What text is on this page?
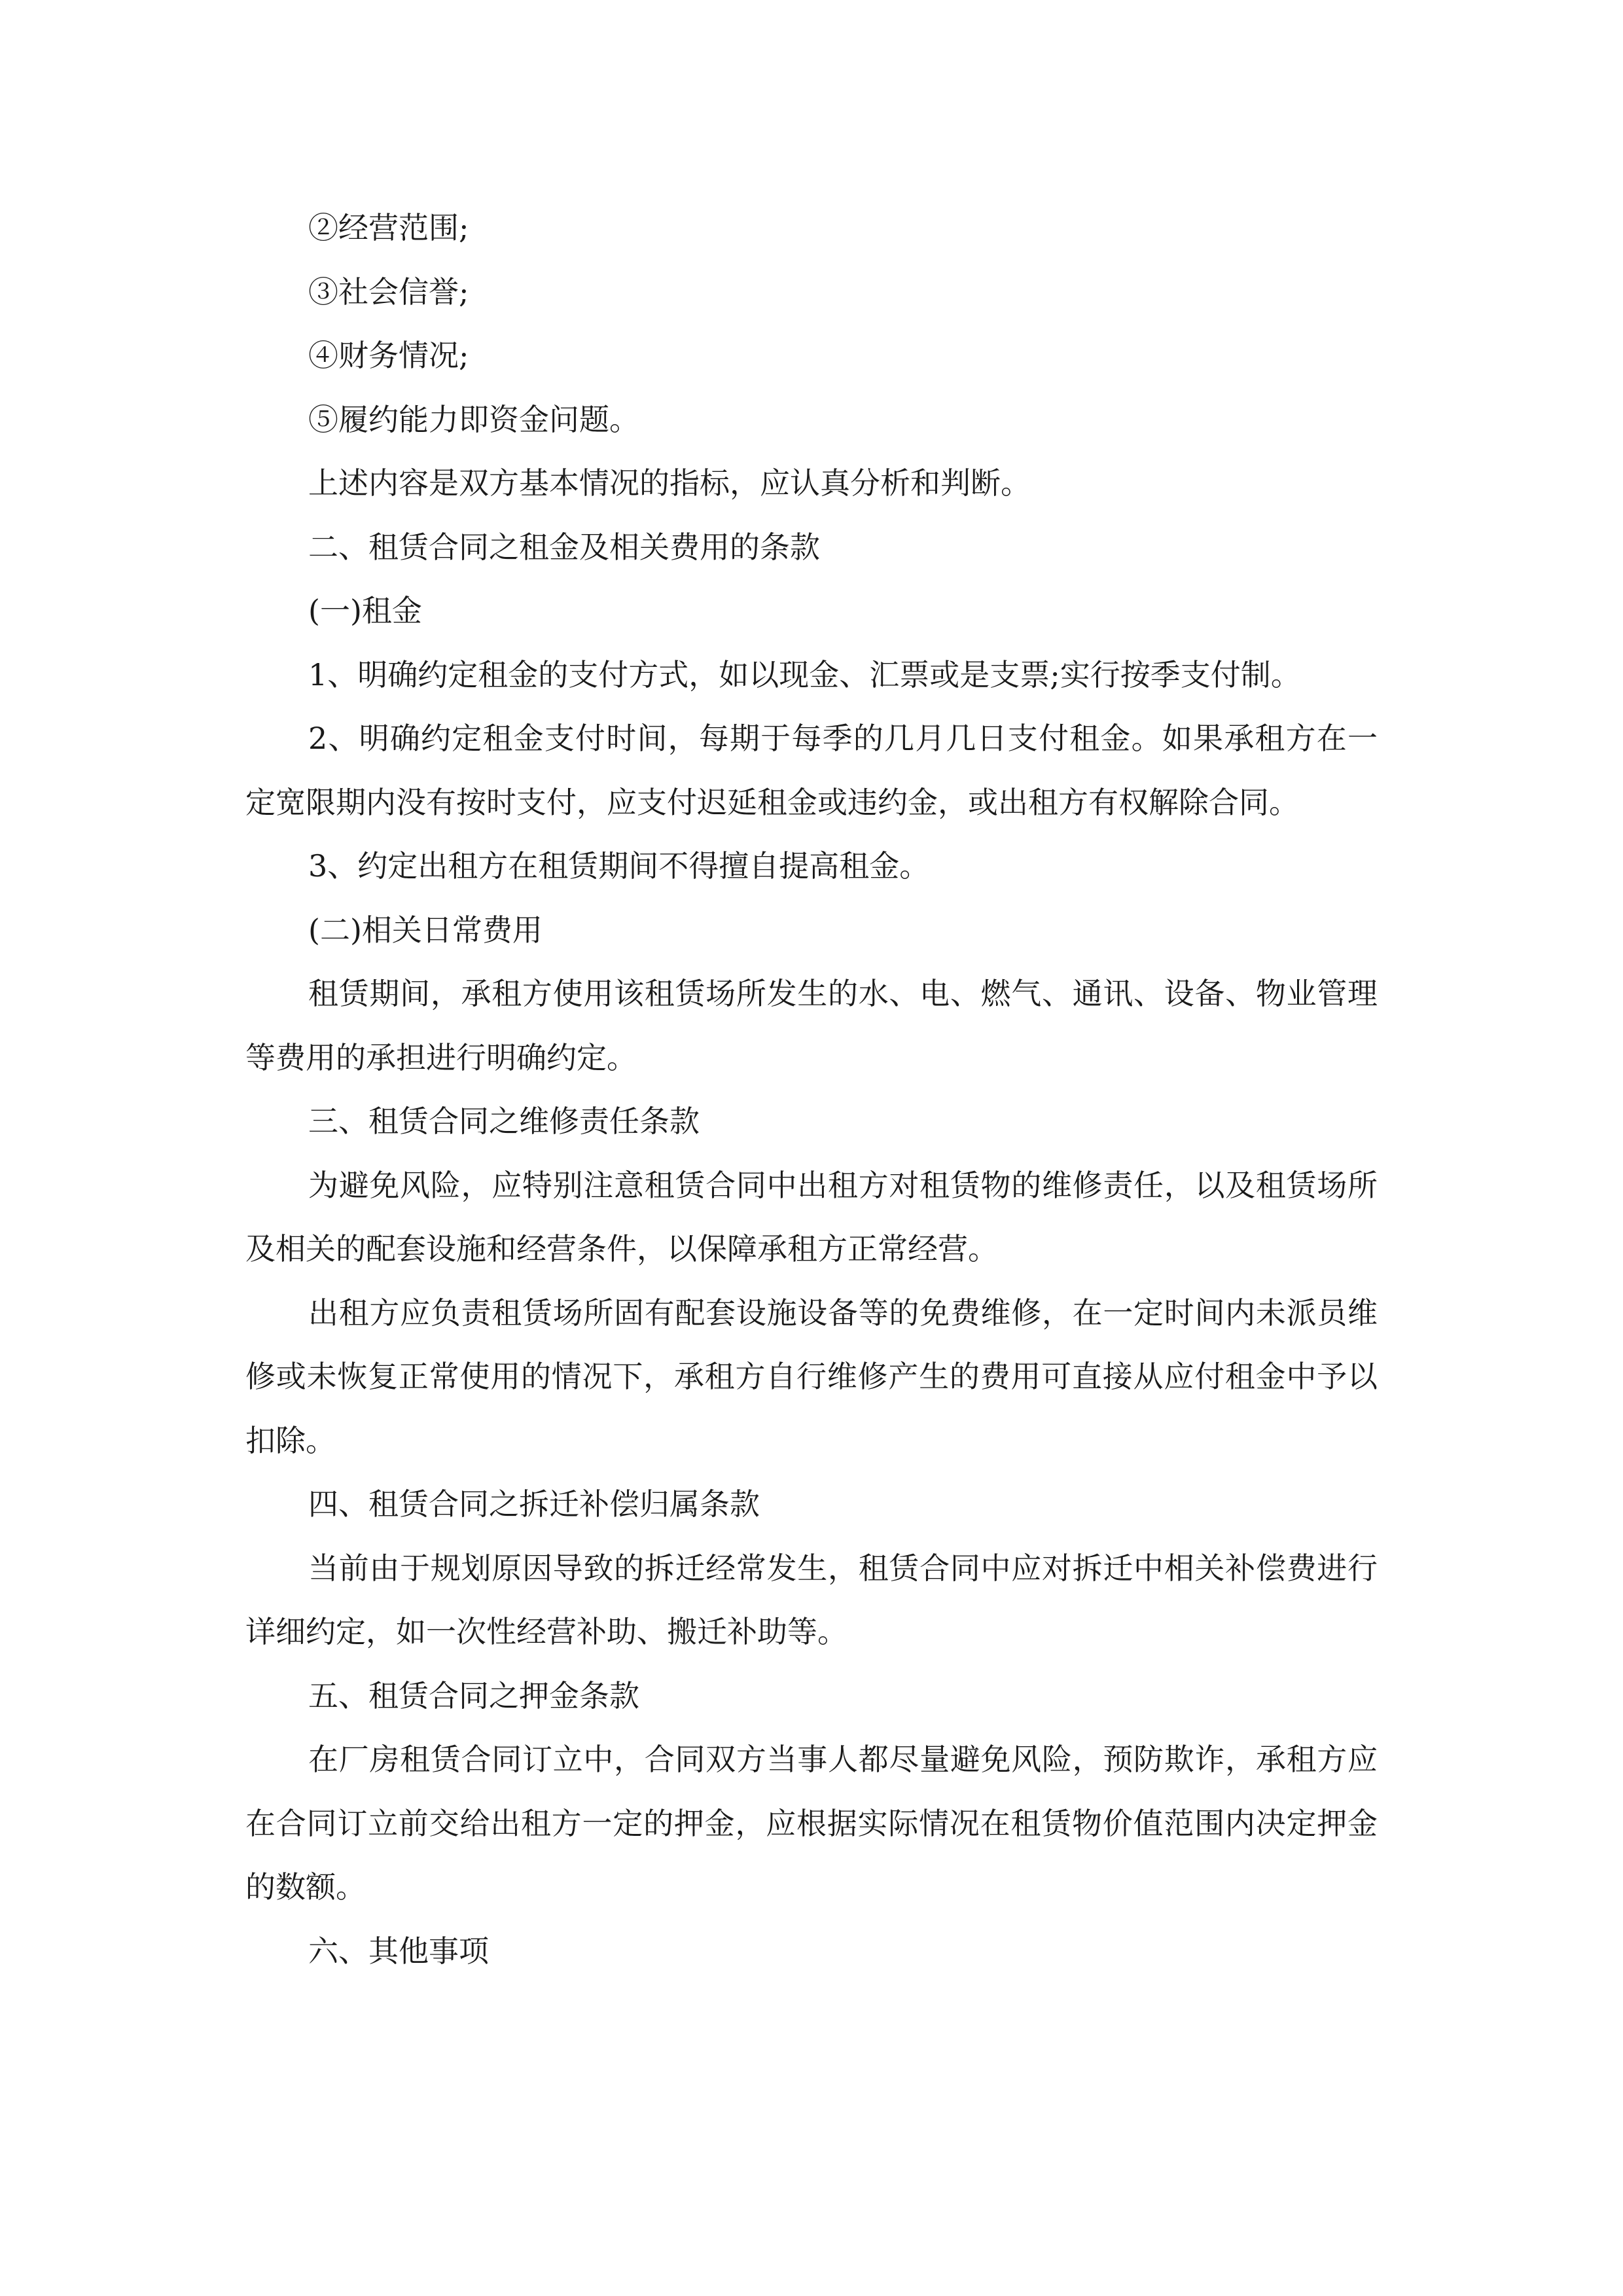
②经营范围;

③社会信誉;

④财务情况;

⑤履约能力即资金问题。

上述内容是双方基本情况的指标，应认真分析和判断。

二、租赁合同之租金及相关费用的条款

(一)租金

1、明确约定租金的支付方式，如以现金、汇票或是支票;实行按季支付制。

2、明确约定租金支付时间，每期于每季的几月几日支付租金。如果承租方在一定宽限期内没有按时支付，应支付迟延租金或违约金，或出租方有权解除合同。

3、约定出租方在租赁期间不得擅自提高租金。

(二)相关日常费用

租赁期间，承租方使用该租赁场所发生的水、电、燃气、通讯、设备、物业管理等费用的承担进行明确约定。

三、租赁合同之维修责任条款

为避免风险，应特别注意租赁合同中出租方对租赁物的维修责任，以及租赁场所及相关的配套设施和经营条件，以保障承租方正常经营。

出租方应负责租赁场所固有配套设施设备等的免费维修，在一定时间内未派员维修或未恢复正常使用的情况下，承租方自行维修产生的费用可直接从应付租金中予以扣除。

四、租赁合同之拆迁补偿归属条款

当前由于规划原因导致的拆迁经常发生，租赁合同中应对拆迁中相关补偿费进行详细约定，如一次性经营补助、搬迁补助等。

五、租赁合同之押金条款

在厂房租赁合同订立中，合同双方当事人都尽量避免风险，预防欺诈，承租方应在合同订立前交给出租方一定的押金，应根据实际情况在租赁物价值范围内决定押金的数额。

六、其他事项
